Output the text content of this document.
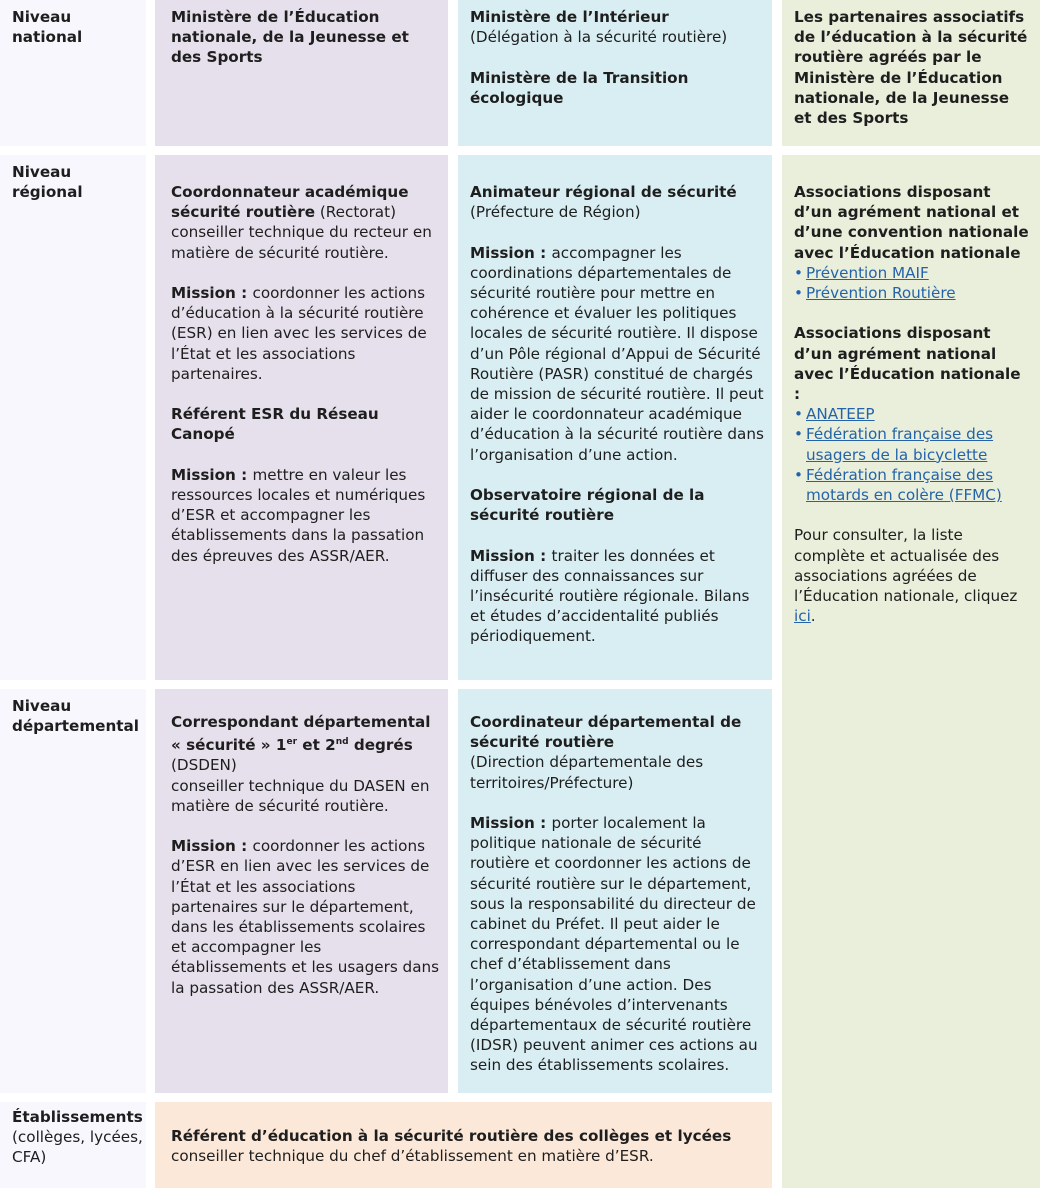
Niveau
national
Niveau
régional
Niveau
départemental
Établissements
(collèges, lycées,
CFA)
Ministère de l’Éducation nationale, de la Jeunesse et des Sports
Ministère de l’Intérieur
(Délégation à la sécurité routière)
Ministère de la Transition écologique
Les partenaires associatifs de l’éducation à la sécurité routière agréés par le Ministère de l’Éducation nationale, de la Jeunesse et des Sports
Associations disposant d’un agrément national et d’une convention nationale avec l’Éducation nationale
• Prévention MAIF
• Prévention Routière
Associations disposant d’un agrément national avec l’Éducation nationale :
• ANATEEP
• Fédération française des usagers de la bicyclette
• Fédération française des motards en colère (FFMC)
Pour consulter, la liste complète et actualisée des associations agréées de l’Éducation nationale, cliquez ici.
Coordonnateur académique sécurité routière (Rectorat) conseiller technique du recteur en matière de sécurité routière.
Mission : coordonner les actions d’éducation à la sécurité routière (ESR) en lien avec les services de l’État et les associations partenaires.
Référent ESR du Réseau Canopé
Mission : mettre en valeur les ressources locales et numériques d’ESR et accompagner les établissements dans la passation des épreuves des ASSR/AER.
Animateur régional de sécurité
(Préfecture de Région)
Mission : accompagner les coordinations départementales de sécurité routière pour mettre en cohérence et évaluer les politiques locales de sécurité routière. Il dispose d’un Pôle régional d’Appui de Sécurité Routière (PASR) constitué de chargés de mission de sécurité routière. Il peut aider le coordonnateur académique d’éducation à la sécurité routière dans l’organisation d’une action.
Observatoire régional de la sécurité routière
Mission : traiter les données et diffuser des connaissances sur l’insécurité routière régionale. Bilans et études d’accidentalité publiés périodiquement.
Correspondant départemental
« sécurité » 1er et 2nd degrés
(DSDEN)
conseiller technique du DASEN en matière de sécurité routière.
Mission : coordonner les actions d’ESR en lien avec les services de l’État et les associations partenaires sur le département, dans les établissements scolaires et accompagner les établissements et les usagers dans la passation des ASSR/AER.
Coordinateur départemental de sécurité routière
(Direction départementale des territoires/Préfecture)
Mission : porter localement la politique nationale de sécurité routière et coordonner les actions de sécurité routière sur le département, sous la responsabilité du directeur de cabinet du Préfet. Il peut aider le correspondant départemental ou le chef d’établissement dans l’organisation d’une action. Des équipes bénévoles d’intervenants départementaux de sécurité routière (IDSR) peuvent animer ces actions au sein des établissements scolaires.
Référent d’éducation à la sécurité routière des collèges et lycées
conseiller technique du chef d’établissement en matière d’ESR.
